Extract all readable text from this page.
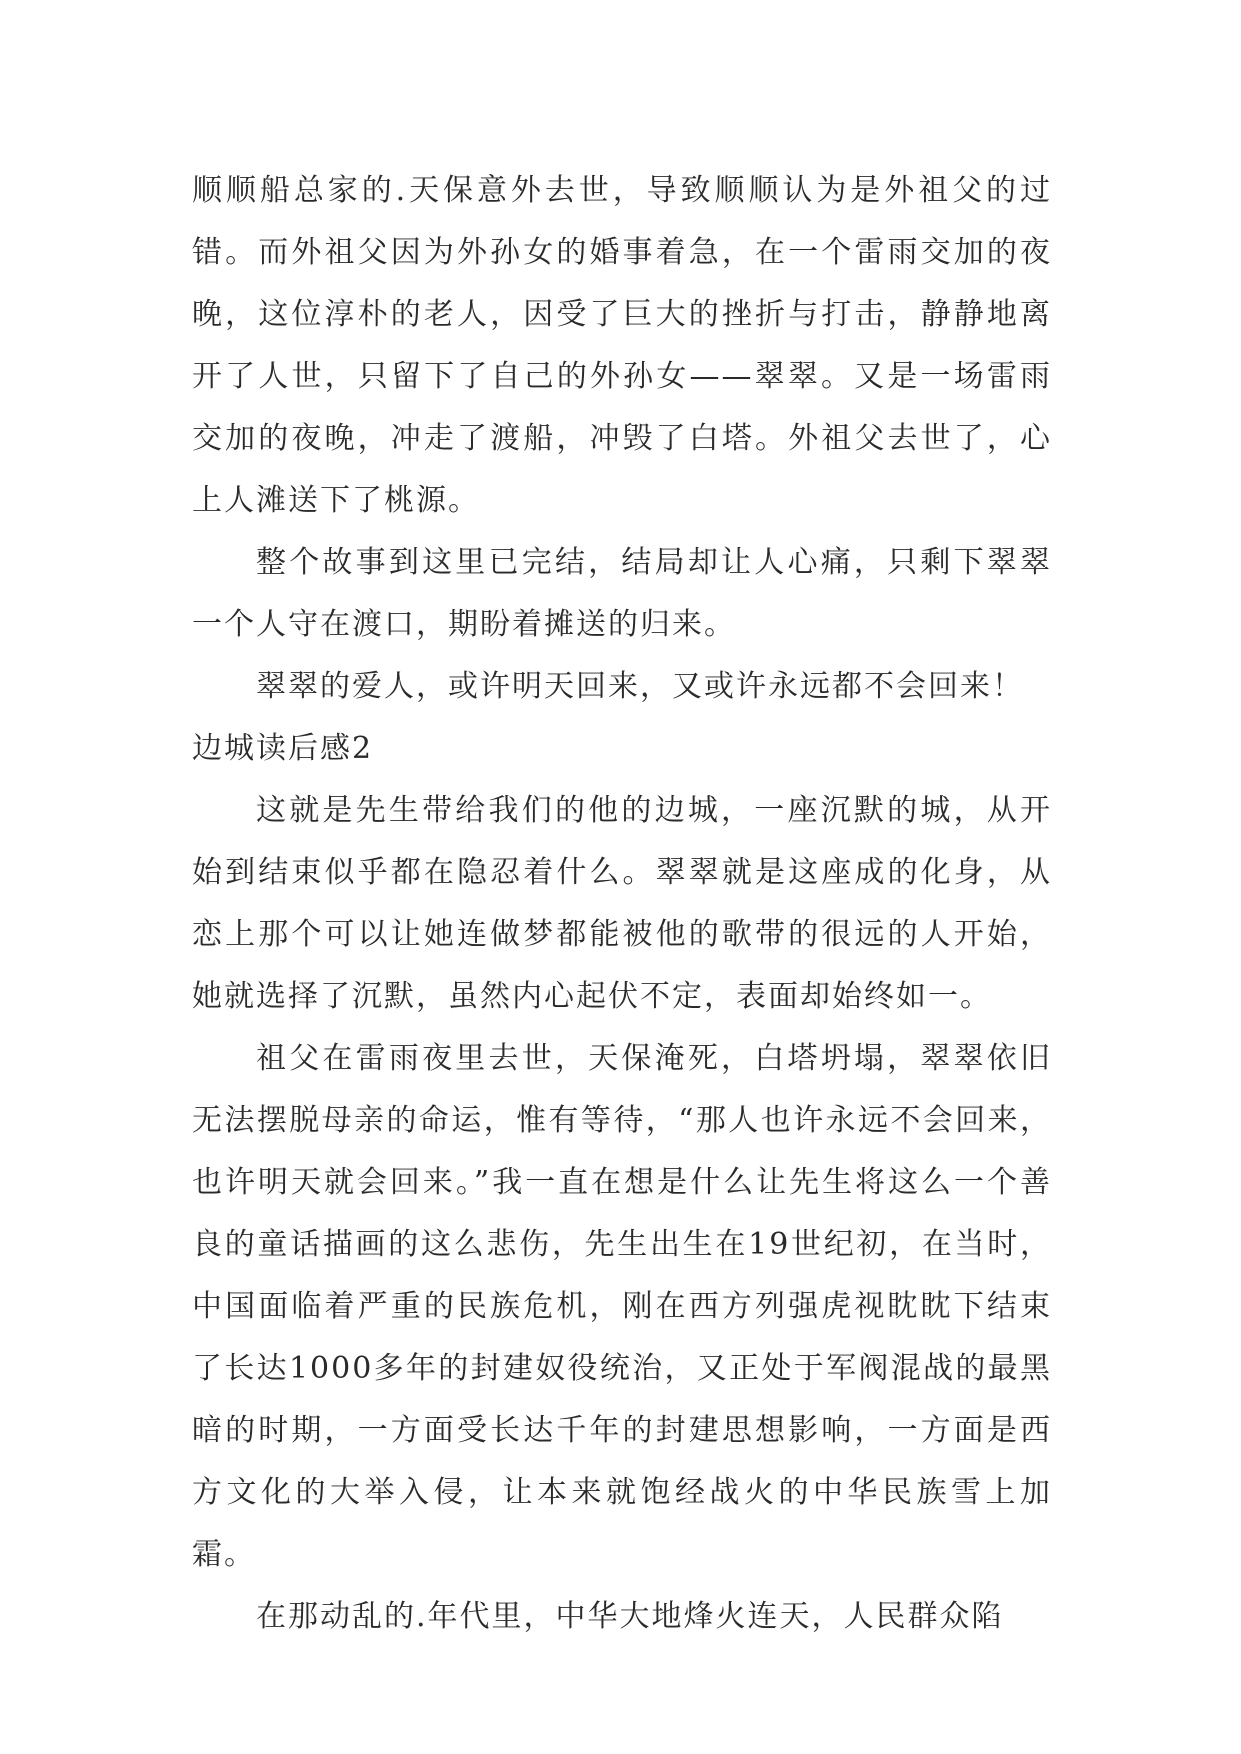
顺顺船总家的.天保意外去世，导致顺顺认为是外祖父的过错。而外祖父因为外孙女的婚事着急，在一个雷雨交加的夜晚，这位淳朴的老人，因受了巨大的挫折与打击，静静地离开了人世，只留下了自己的外孙女——翠翠。又是一场雷雨交加的夜晚，冲走了渡船，冲毁了白塔。外祖父去世了，心上人滩送下了桃源。

整个故事到这里已完结，结局却让人心痛，只剩下翠翠一个人守在渡口，期盼着摊送的归来。

翠翠的爱人，或许明天回来，又或许永远都不会回来！

边城读后感2

这就是先生带给我们的他的边城，一座沉默的城，从开始到结束似乎都在隐忍着什么。翠翠就是这座成的化身，从恋上那个可以让她连做梦都能被他的歌带的很远的人开始，她就选择了沉默，虽然内心起伏不定，表面却始终如一。

祖父在雷雨夜里去世，天保淹死，白塔坍塌，翠翠依旧无法摆脱母亲的命运，惟有等待，“那人也许永远不会回来，也许明天就会回来。”我一直在想是什么让先生将这么一个善良的童话描画的这么悲伤，先生出生在19世纪初，在当时，中国面临着严重的民族危机，刚在西方列强虎视眈眈下结束了长达1000多年的封建奴役统治，又正处于军阀混战的最黑暗的时期，一方面受长达千年的封建思想影响，一方面是西方文化的大举入侵，让本来就饱经战火的中华民族雪上加霜。

在那动乱的.年代里，中华大地烽火连天，人民群众陷
